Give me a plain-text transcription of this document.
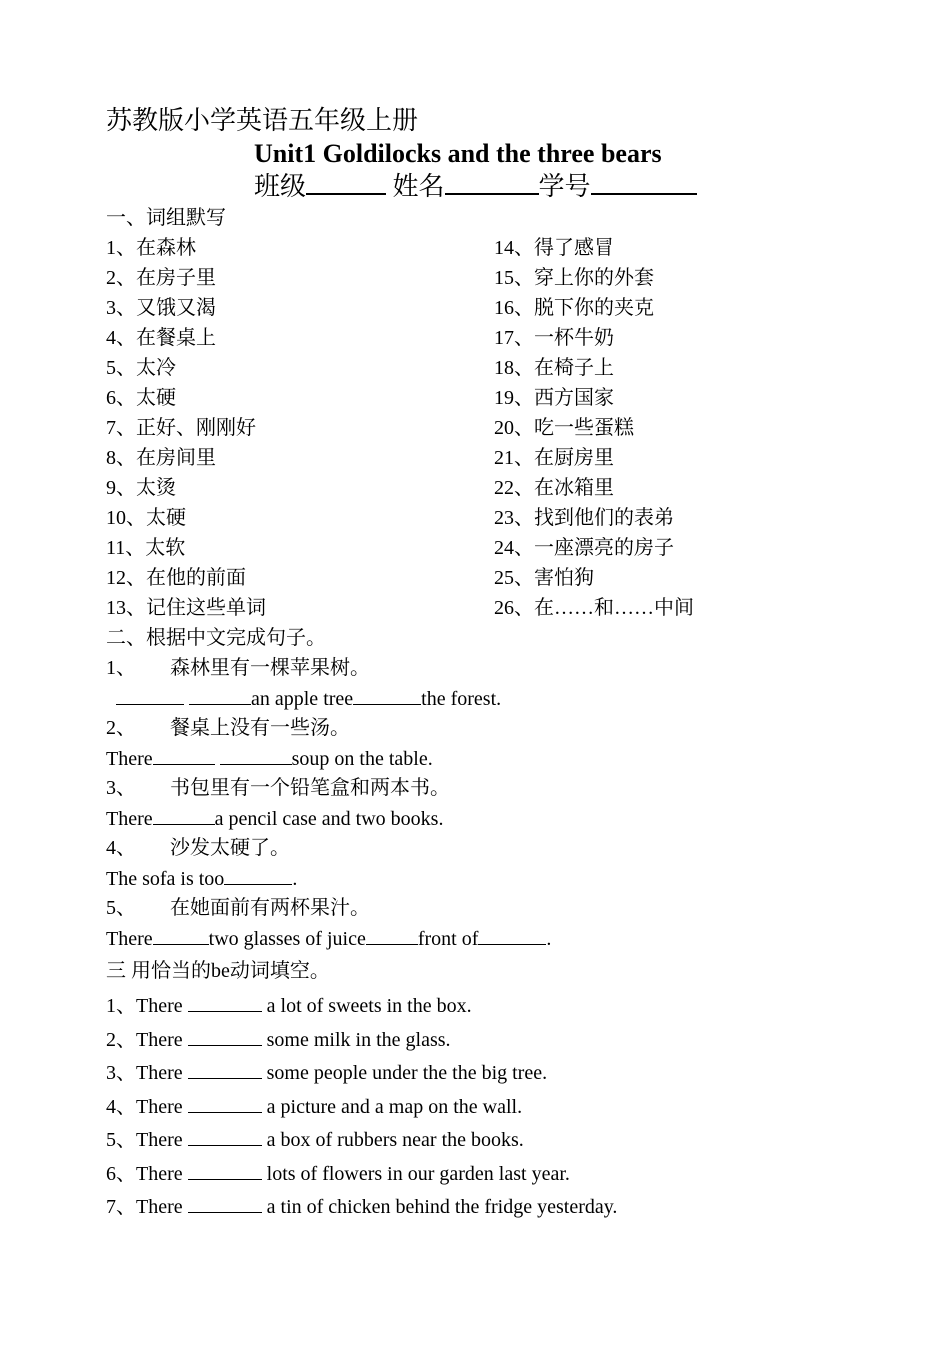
苏教版小学英语五年级上册
Unit1 Goldilocks and the three bears
班级	姓名	学号
一、词组默写
1、在森林
2、在房子里
3、又饿又渴
4、在餐桌上
5、太冷
6、太硬
7、正好、刚刚好
8、在房间里
9、太烫
10、太硬
11、太软
12、在他的前面
13、记住这些单词
14、得了感冒
15、穿上你的外套
16、脱下你的夹克
17、一杯牛奶
18、在椅子上
19、西方国家
20、吃一些蛋糕
21、在厨房里
22、在冰箱里
23、找到他们的表弟
24、一座漂亮的房子
25、害怕狗
26、在……和……中间
二、根据中文完成句子。
1、 森林里有一棵苹果树。
an apple tree	the forest.
2、 餐桌上没有一些汤。
There	soup on the table.
3、 书包里有一个铅笔盒和两本书。
There	a pencil case and two books.
4、 沙发太硬了。
The sofa is too	.
5、 在她面前有两杯果汁。
There	two glasses of juice	front of	.
三 用恰当的be动词填空。
1、There	a lot of sweets in the box.
2、There	some milk in the glass.
3、There	some people under the the big tree.
4、There	a picture and a map on the wall.
5、There	a box of rubbers near the books.
6、There	lots of flowers in our garden last year.
7、There	a tin of chicken behind the fridge yesterday.
